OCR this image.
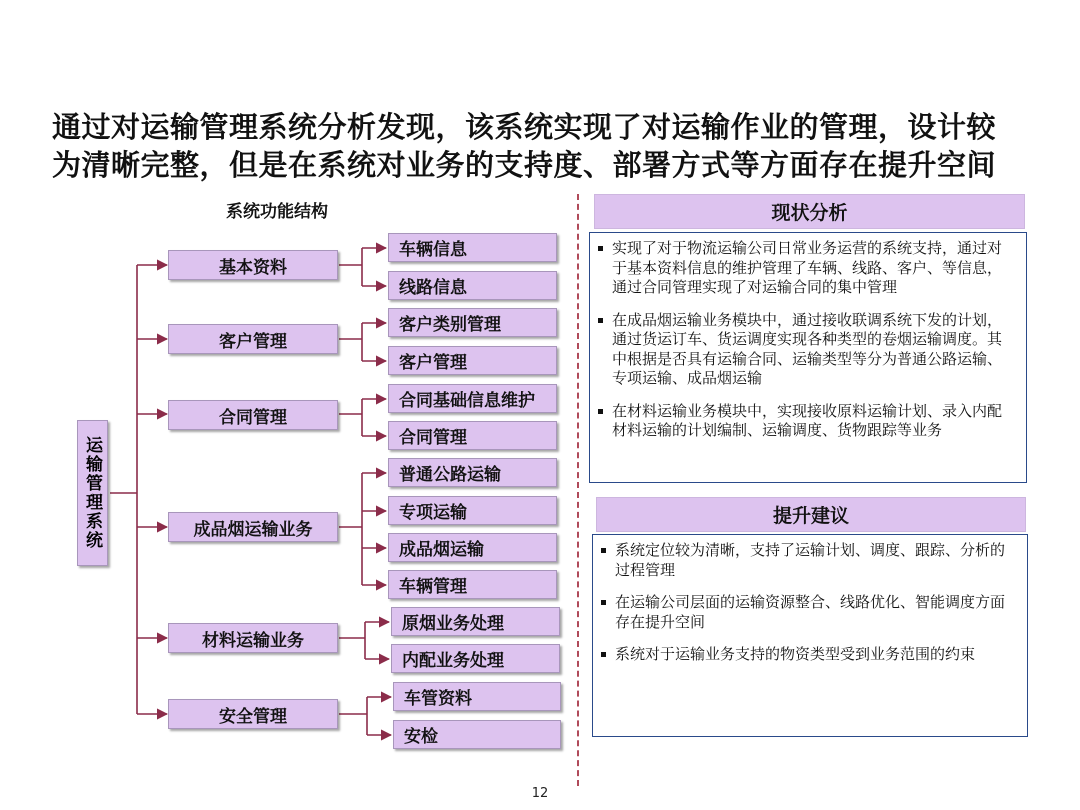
通过对运输管理系统分析发现，该系统实现了对运输作业的管理，设计较
为清晰完整，但是在系统对业务的支持度、部署方式等方面存在提升空间
系统功能结构
运输管理系统
基本资料
客户管理
合同管理
成品烟运输业务
材料运输业务
安全管理
车辆信息
线路信息
客户类别管理
客户管理
合同基础信息维护
合同管理
普通公路运输
专项运输
成品烟运输
车辆管理
原烟业务处理
内配业务处理
车管资料
安检
现状分析
实现了对于物流运输公司日常业务运营的系统支持，通过对于基本资料信息的维护管理了车辆、线路、客户、等信息，通过合同管理实现了对运输合同的集中管理
在成品烟运输业务模块中，通过接收联调系统下发的计划，通过货运订车、货运调度实现各种类型的卷烟运输调度。其中根据是否具有运输合同、运输类型等分为普通公路运输、专项运输、成品烟运输
在材料运输业务模块中，实现接收原料运输计划、录入内配材料运输的计划编制、运输调度、货物跟踪等业务
提升建议
系统定位较为清晰，支持了运输计划、调度、跟踪、分析的过程管理
在运输公司层面的运输资源整合、线路优化、智能调度方面存在提升空间
系统对于运输业务支持的物资类型受到业务范围的约束
12
